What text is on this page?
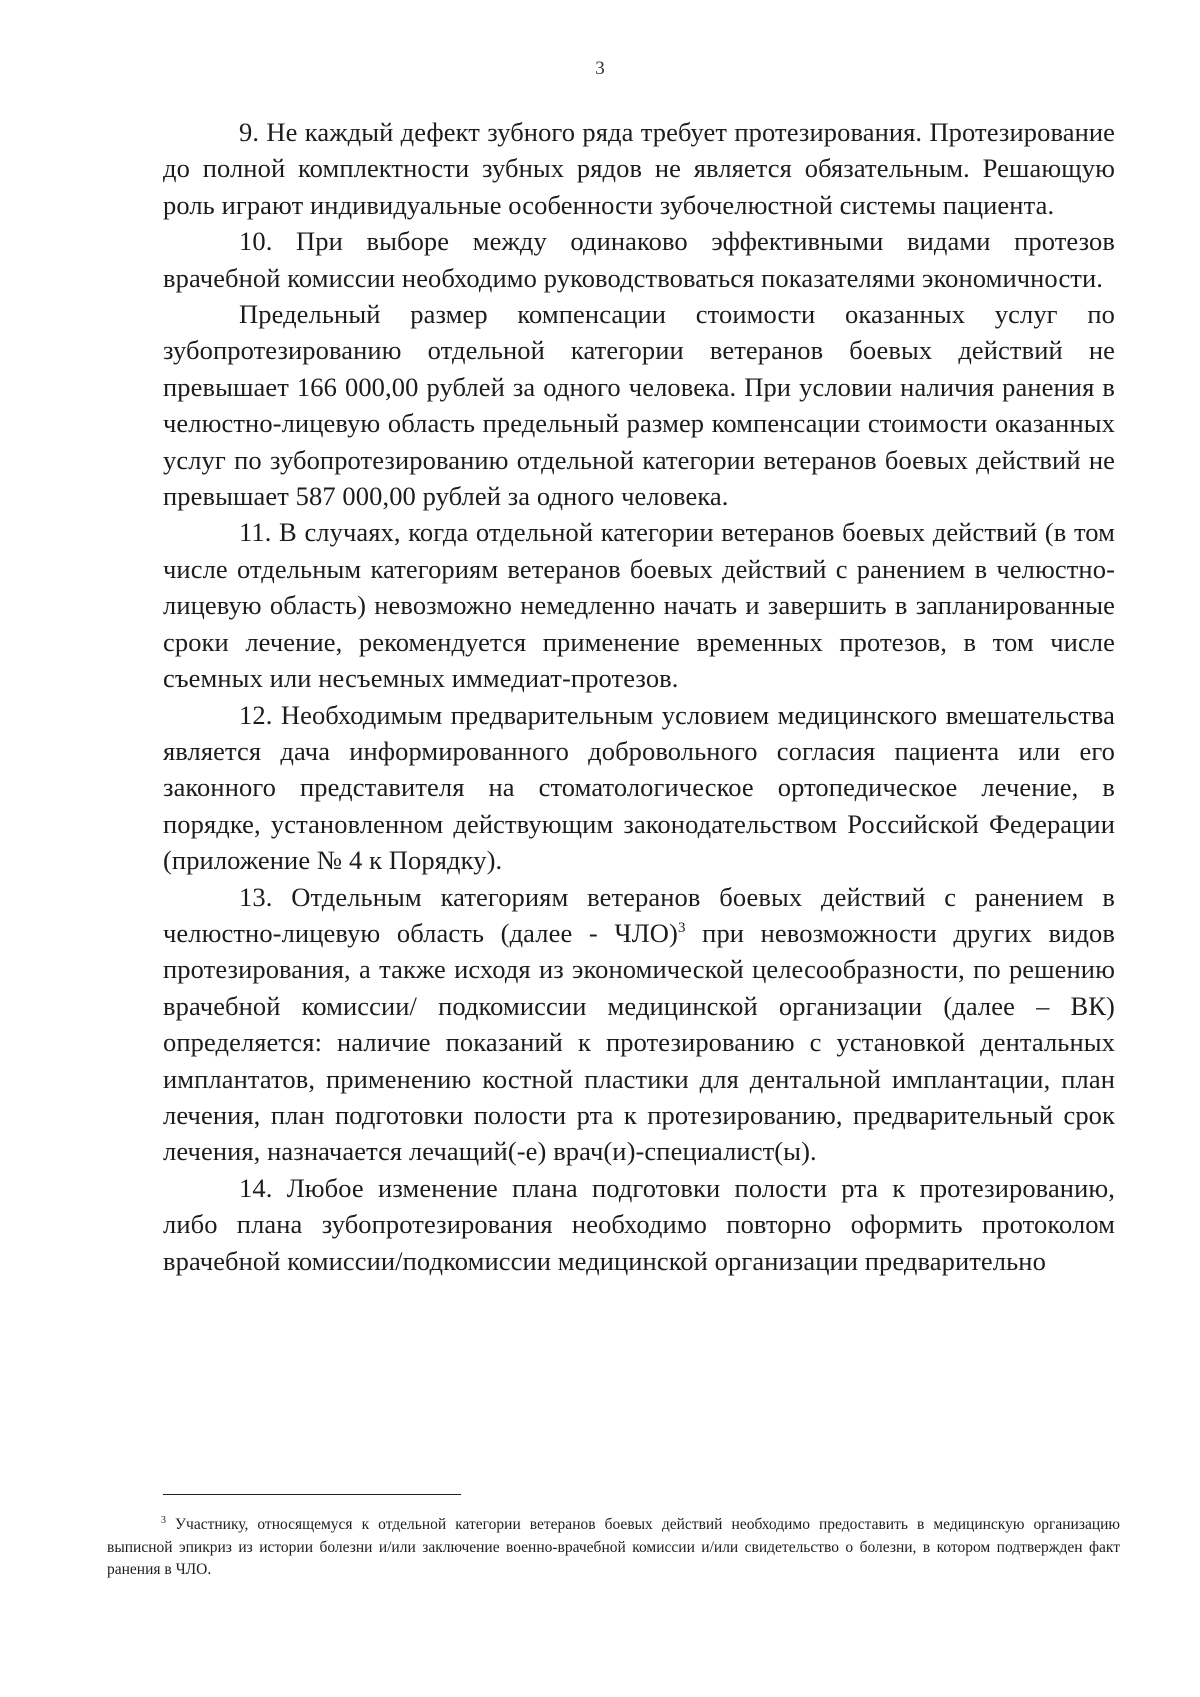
3

9. Не каждый дефект зубного ряда требует протезирования. Протезирование до полной комплектности зубных рядов не является обязательным. Решающую роль играют индивидуальные особенности зубочелюстной системы пациента.

10. При выборе между одинаково эффективными видами протезов врачебной комиссии необходимо руководствоваться показателями экономичности.

Предельный размер компенсации стоимости оказанных услуг по зубопротезированию отдельной категории ветеранов боевых действий не превышает 166 000,00 рублей за одного человека. При условии наличия ранения в челюстно-лицевую область предельный размер компенсации стоимости оказанных услуг по зубопротезированию отдельной категории ветеранов боевых действий не превышает 587 000,00 рублей за одного человека.

11. В случаях, когда отдельной категории ветеранов боевых действий (в том числе отдельным категориям ветеранов боевых действий с ранением в челюстно-лицевую область) невозможно немедленно начать и завершить в запланированные сроки лечение, рекомендуется применение временных протезов, в том числе съемных или несъемных иммедиат-протезов.

12. Необходимым предварительным условием медицинского вмешательства является дача информированного добровольного согласия пациента или его законного представителя на стоматологическое ортопедическое лечение, в порядке, установленном действующим законодательством Российской Федерации (приложение № 4 к Порядку).

13. Отдельным категориям ветеранов боевых действий с ранением в челюстно-лицевую область (далее - ЧЛО)$^3$ при невозможности других видов протезирования, а также исходя из экономической целесообразности, по решению врачебной комиссии/ подкомиссии медицинской организации (далее – ВК) определяется: наличие показаний к протезированию с установкой дентальных имплантатов, применению костной пластики для дентальной имплантации, план лечения, план подготовки полости рта к протезированию, предварительный срок лечения, назначается лечащий(-е) врач(и)-специалист(ы).

14. Любое изменение плана подготовки полости рта к протезированию, либо плана зубопротезирования необходимо повторно оформить протоколом врачебной комиссии/подкомиссии медицинской организации предварительно

$^3$ Участнику, относящемуся к отдельной категории ветеранов боевых действий необходимо предоставить в медицинскую организацию выписной эпикриз из истории болезни и/или заключение военно-врачебной комиссии и/или свидетельство о болезни, в котором подтвержден факт ранения в ЧЛО.
